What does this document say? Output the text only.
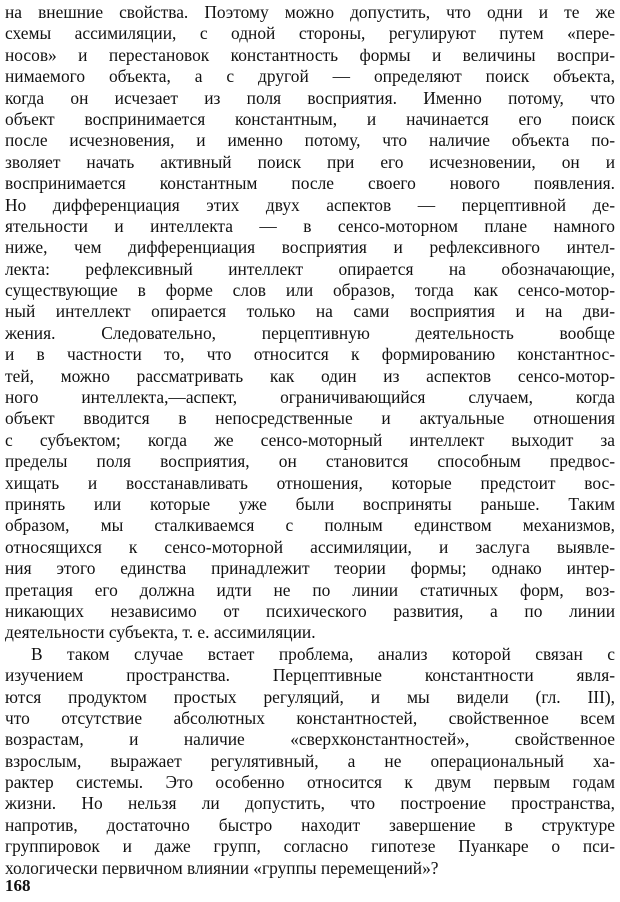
на внешние свойства. Поэтому можно допустить, что одни и те же
схемы ассимиляции, с одной стороны, регулируют путем «пере-
носов» и перестановок константность формы и величины воспри-
нимаемого объекта, а с другой — определяют поиск объекта,
когда он исчезает из поля восприятия. Именно потому, что
объект воспринимается константным, и начинается его поиск
после исчезновения, и именно потому, что наличие объекта по-
зволяет начать активный поиск при его исчезновении, он и
воспринимается константным после своего нового появления.
Но дифференциация этих двух аспектов — перцептивной де-
ятельности и интеллекта — в сенсо-моторном плане намного
ниже, чем дифференциация восприятия и рефлексивного интел-
лекта: рефлексивный интеллект опирается на обозначающие,
существующие в форме слов или образов, тогда как сенсо-мотор-
ный интеллект опирается только на сами восприятия и на дви-
жения. Следовательно, перцептивную деятельность вообще
и в частности то, что относится к формированию константнос-
тей, можно рассматривать как один из аспектов сенсо-мотор-
ного интеллекта,—аспект, ограничивающийся случаем, когда
объект вводится в непосредственные и актуальные отношения
с субъектом; когда же сенсо-моторный интеллект выходит за
пределы поля восприятия, он становится способным предвос-
хищать и восстанавливать отношения, которые предстоит вос-
принять или которые уже были восприняты раньше. Таким
образом, мы сталкиваемся с полным единством механизмов,
относящихся к сенсо-моторной ассимиляции, и заслуга выявле-
ния этого единства принадлежит теории формы; однако интер-
претация его должна идти не по линии статичных форм, воз-
никающих независимо от психического развития, а по линии
деятельности субъекта, т. е. ассимиляции.
В таком случае встает проблема, анализ которой связан с
изучением пространства. Перцептивные константности явля-
ются продуктом простых регуляций, и мы видели (гл. III),
что отсутствие абсолютных константностей, свойственное всем
возрастам, и наличие «сверхконстантностей», свойственное
взрослым, выражает регулятивный, а не операциональный ха-
рактер системы. Это особенно относится к двум первым годам
жизни. Но нельзя ли допустить, что построение пространства,
напротив, достаточно быстро находит завершение в структуре
группировок и даже групп, согласно гипотезе Пуанкаре о пси-
хологически первичном влиянии «группы перемещений»?
168
